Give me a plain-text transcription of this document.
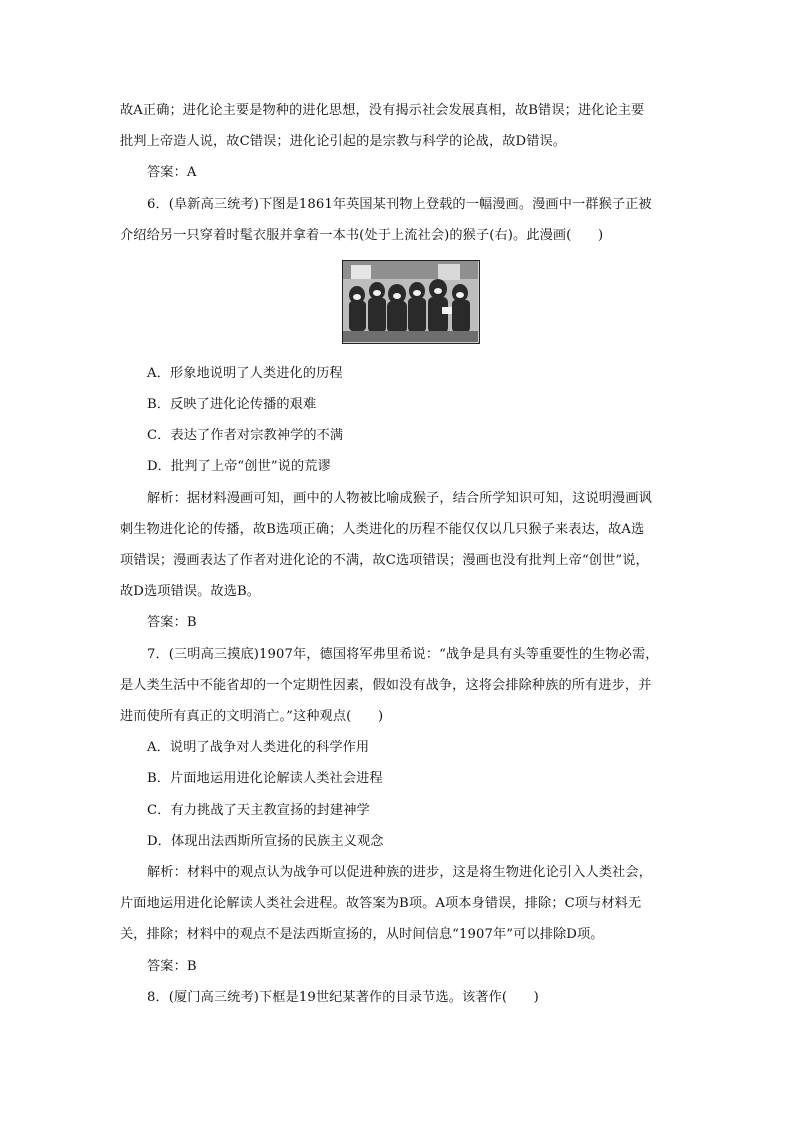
故A正确；进化论主要是物种的进化思想，没有揭示社会发展真相，故B错误；进化论主要
批判上帝造人说，故C错误；进化论引起的是宗教与科学的论战，故D错误。
答案：A
6．(阜新高三统考)下图是1861年英国某刊物上登载的一幅漫画。漫画中一群猴子正被
介绍给另一只穿着时髦衣服并拿着一本书(处于上流社会)的猴子(右)。此漫画(　　)
A．形象地说明了人类进化的历程
B．反映了进化论传播的艰难
C．表达了作者对宗教神学的不满
D．批判了上帝“创世”说的荒谬
解析：据材料漫画可知，画中的人物被比喻成猴子，结合所学知识可知，这说明漫画讽
刺生物进化论的传播，故B选项正确；人类进化的历程不能仅仅以几只猴子来表达，故A选
项错误；漫画表达了作者对进化论的不满，故C选项错误；漫画也没有批判上帝“创世”说，
故D选项错误。故选B。
答案：B
7．(三明高三摸底)1907年，德国将军弗里希说：“战争是具有头等重要性的生物必需，
是人类生活中不能省却的一个定期性因素，假如没有战争，这将会排除种族的所有进步，并
进而使所有真正的文明消亡。”这种观点(　　)
A．说明了战争对人类进化的科学作用
B．片面地运用进化论解读人类社会进程
C．有力挑战了天主教宣扬的封建神学
D．体现出法西斯所宣扬的民族主义观念
解析：材料中的观点认为战争可以促进种族的进步，这是将生物进化论引入人类社会，
片面地运用进化论解读人类社会进程。故答案为B项。A项本身错误，排除；C项与材料无
关，排除；材料中的观点不是法西斯宣扬的，从时间信息“1907年”可以排除D项。
答案：B
8．(厦门高三统考)下框是19世纪某著作的目录节选。该著作(　　)
